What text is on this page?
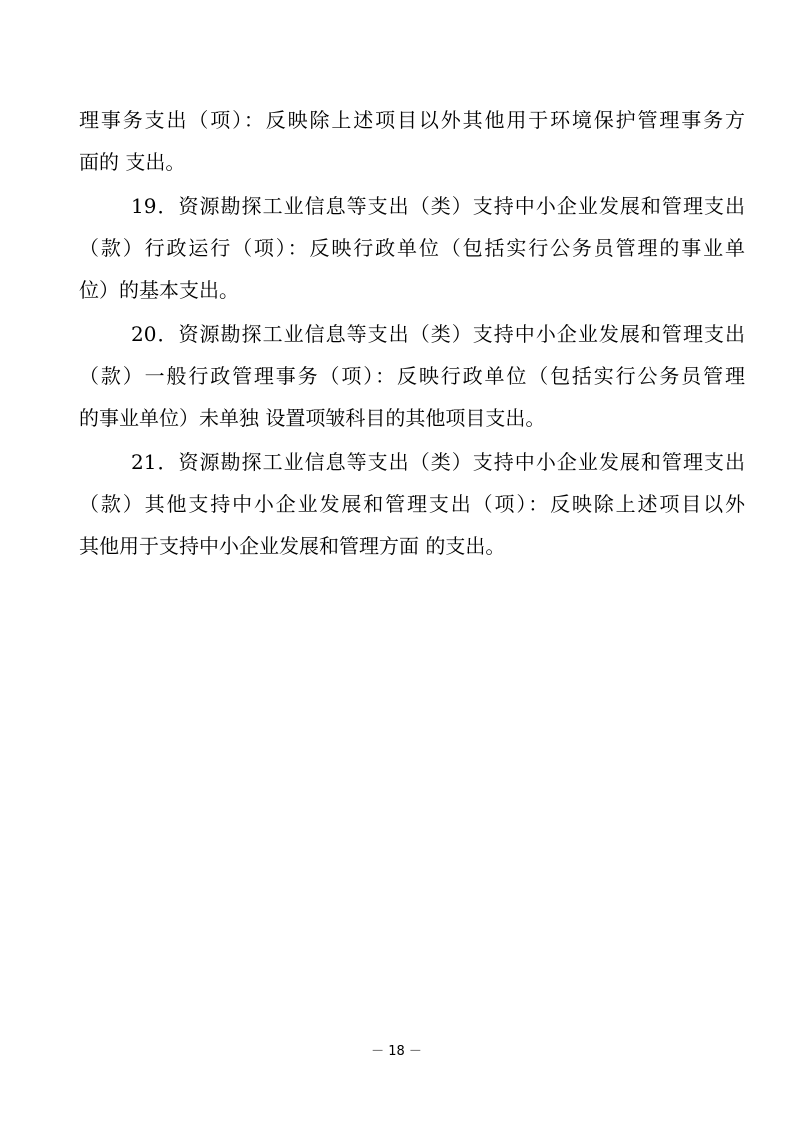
理事务支出（项）：反映除上述项目以外其他用于环境保护管理事务方
面的 支出。
19．资源勘探工业信息等支出（类）支持中小企业发展和管理支出
（款）行政运行（项）：反映行政单位（包括实行公务员管理的事业单
位）的基本支出。
20．资源勘探工业信息等支出（类）支持中小企业发展和管理支出
（款）一般行政管理事务（项）：反映行政单位（包括实行公务员管理
的事业单位）未单独 设置项皱科目的其他项目支出。
21．资源勘探工业信息等支出（类）支持中小企业发展和管理支出
（款）其他支持中小企业发展和管理支出（项）：反映除上述项目以外
其他用于支持中小企业发展和管理方面 的支出。
－ 18 －
